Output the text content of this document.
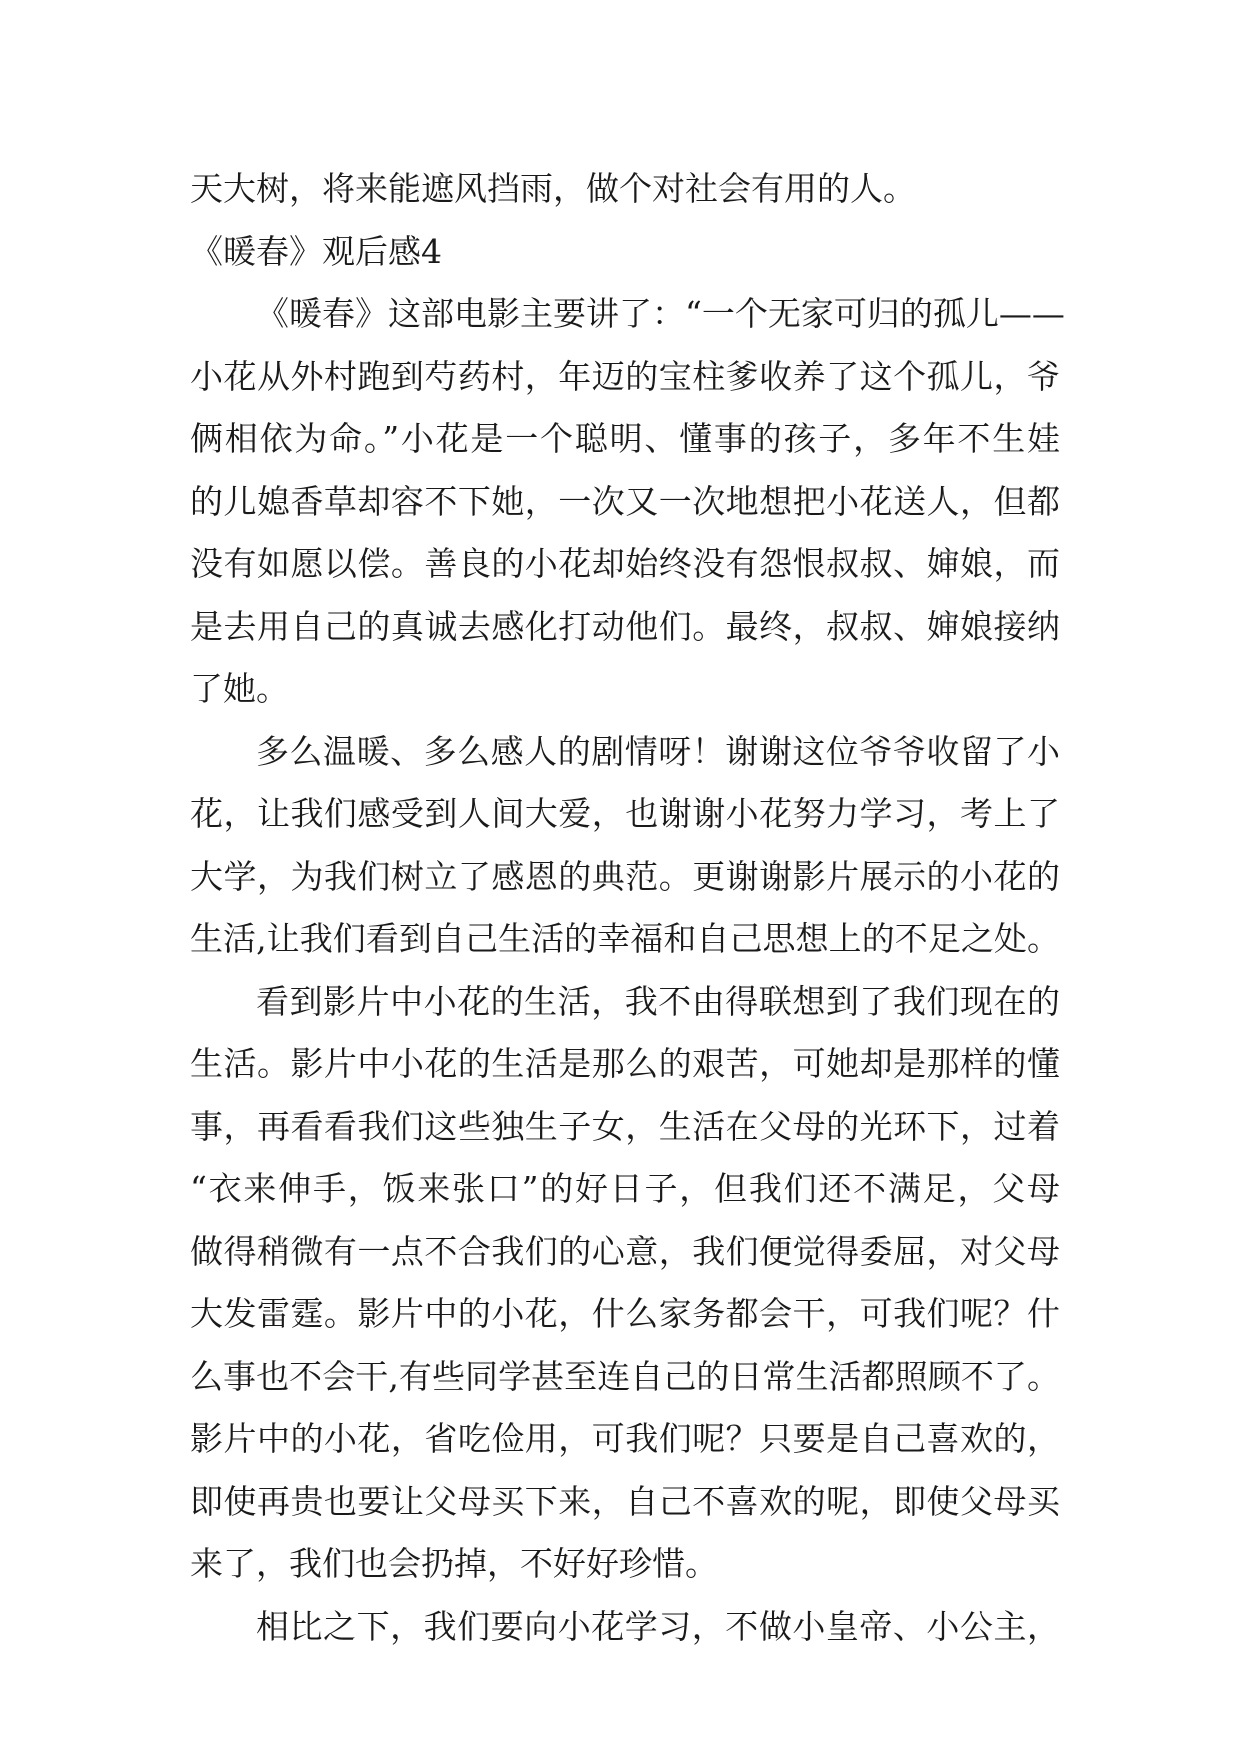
天大树，将来能遮风挡雨，做个对社会有用的人。
《暖春》观后感4
《暖春》这部电影主要讲了：“一个无家可归的孤儿——
小花从外村跑到芍药村，年迈的宝柱爹收养了这个孤儿，爷
俩相依为命。”小花是一个聪明、懂事的孩子，多年不生娃
的儿媳香草却容不下她，一次又一次地想把小花送人，但都
没有如愿以偿。善良的小花却始终没有怨恨叔叔、婶娘，而
是去用自己的真诚去感化打动他们。最终，叔叔、婶娘接纳
了她。
多么温暖、多么感人的剧情呀！谢谢这位爷爷收留了小
花，让我们感受到人间大爱，也谢谢小花努力学习，考上了
大学，为我们树立了感恩的典范。更谢谢影片展示的小花的
生活,让我们看到自己生活的幸福和自己思想上的不足之处。
看到影片中小花的生活，我不由得联想到了我们现在的
生活。影片中小花的生活是那么的艰苦，可她却是那样的懂
事，再看看我们这些独生子女，生活在父母的光环下，过着
“衣来伸手，饭来张口”的好日子，但我们还不满足，父母
做得稍微有一点不合我们的心意，我们便觉得委屈，对父母
大发雷霆。影片中的小花，什么家务都会干，可我们呢？什
么事也不会干,有些同学甚至连自己的日常生活都照顾不了。
影片中的小花，省吃俭用，可我们呢？只要是自己喜欢的，
即使再贵也要让父母买下来，自己不喜欢的呢，即使父母买
来了，我们也会扔掉，不好好珍惜。
相比之下，我们要向小花学习，不做小皇帝、小公主，
